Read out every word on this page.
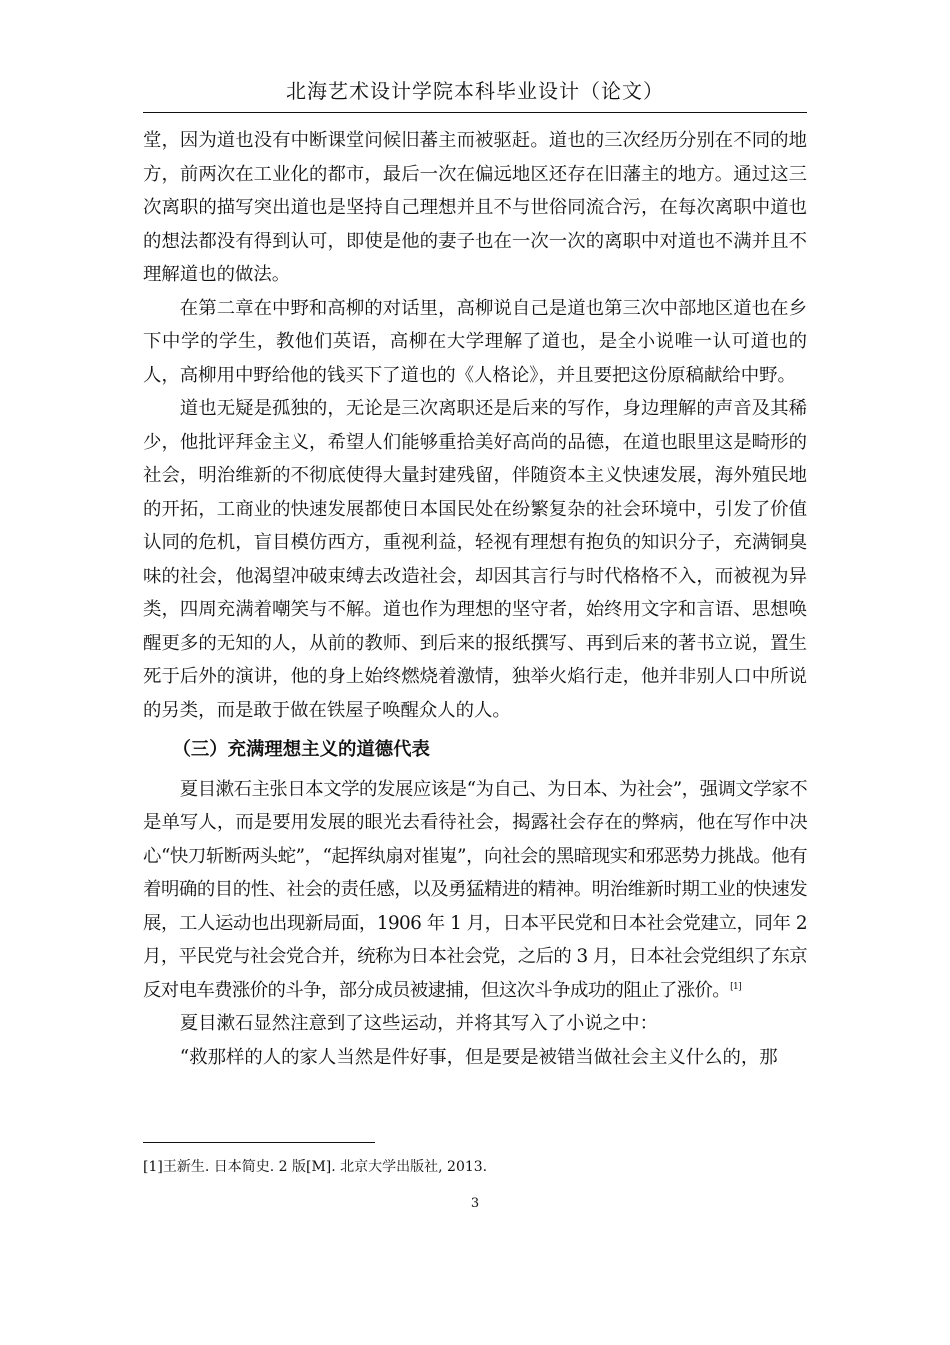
北海艺术设计学院本科毕业设计（论文）

堂，因为道也没有中断课堂问候旧蕃主而被驱赶。道也的三次经历分别在不同的地方，前两次在工业化的都市，最后一次在偏远地区还存在旧藩主的地方。通过这三次离职的描写突出道也是坚持自己理想并且不与世俗同流合污，在每次离职中道也的想法都没有得到认可，即使是他的妻子也在一次一次的离职中对道也不满并且不理解道也的做法。

在第二章在中野和高柳的对话里，高柳说自己是道也第三次中部地区道也在乡下中学的学生，教他们英语，高柳在大学理解了道也，是全小说唯一认可道也的人，高柳用中野给他的钱买下了道也的《人格论》，并且要把这份原稿献给中野。

道也无疑是孤独的，无论是三次离职还是后来的写作，身边理解的声音及其稀少，他批评拜金主义，希望人们能够重拾美好高尚的品德，在道也眼里这是畸形的社会，明治维新的不彻底使得大量封建残留，伴随资本主义快速发展，海外殖民地的开拓，工商业的快速发展都使日本国民处在纷繁复杂的社会环境中，引发了价值认同的危机，盲目模仿西方，重视利益，轻视有理想有抱负的知识分子，充满铜臭味的社会，他渴望冲破束缚去改造社会，却因其言行与时代格格不入，而被视为异类，四周充满着嘲笑与不解。道也作为理想的坚守者，始终用文字和言语、思想唤醒更多的无知的人，从前的教师、到后来的报纸撰写、再到后来的著书立说，置生死于后外的演讲，他的身上始终燃烧着激情，独举火焰行走，他并非别人口中所说的另类，而是敢于做在铁屋子唤醒众人的人。

（三）充满理想主义的道德代表

夏目漱石主张日本文学的发展应该是“为自己、为日本、为社会”，强调文学家不是单写人，而是要用发展的眼光去看待社会，揭露社会存在的弊病，他在写作中决心“快刀斩断两头蛇”，“起挥纨扇对崔嵬”，向社会的黑暗现实和邪恶势力挑战。他有着明确的目的性、社会的责任感，以及勇猛精进的精神。明治维新时期工业的快速发展，工人运动也出现新局面，1906 年 1 月，日本平民党和日本社会党建立，同年 2 月，平民党与社会党合并，统称为日本社会党，之后的 3 月，日本社会党组织了东京反对电车费涨价的斗争，部分成员被逮捕，但这次斗争成功的阻止了涨价。[1]

夏目漱石显然注意到了这些运动，并将其写入了小说之中：

“救那样的人的家人当然是件好事，但是要是被错当做社会主义什么的，那

[1]王新生. 日本简史. 2 版[M]. 北京大学出版社, 2013.
3
